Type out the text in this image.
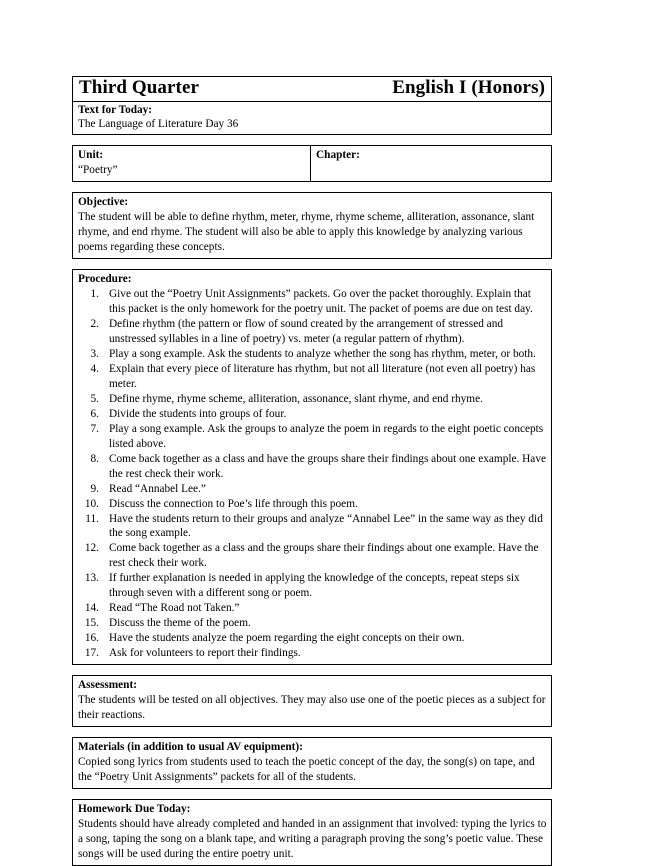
Third Quarter	English I (Honors)
Text for Today:
The Language of Literature Day 36
Unit:
“Poetry”
Chapter:
Objective:
The student will be able to define rhythm, meter, rhyme, rhyme scheme, alliteration, assonance, slant rhyme, and end rhyme. The student will also be able to apply this knowledge by analyzing various poems regarding these concepts.
Procedure:
Give out the “Poetry Unit Assignments” packets. Go over the packet thoroughly. Explain that this packet is the only homework for the poetry unit. The packet of poems are due on test day.
Define rhythm (the pattern or flow of sound created by the arrangement of stressed and unstressed syllables in a line of poetry) vs. meter (a regular pattern of rhythm).
Play a song example. Ask the students to analyze whether the song has rhythm, meter, or both.
Explain that every piece of literature has rhythm, but not all literature (not even all poetry) has meter.
Define rhyme, rhyme scheme, alliteration, assonance, slant rhyme, and end rhyme.
Divide the students into groups of four.
Play a song example. Ask the groups to analyze the poem in regards to the eight poetic concepts listed above.
Come back together as a class and have the groups share their findings about one example. Have the rest check their work.
Read “Annabel Lee.”
Discuss the connection to Poe’s life through this poem.
Have the students return to their groups and analyze “Annabel Lee” in the same way as they did the song example.
Come back together as a class and the groups share their findings about one example. Have the rest check their work.
If further explanation is needed in applying the knowledge of the concepts, repeat steps six through seven with a different song or poem.
Read “The Road not Taken.”
Discuss the theme of the poem.
Have the students analyze the poem regarding the eight concepts on their own.
Ask for volunteers to report their findings.
Assessment:
The students will be tested on all objectives. They may also use one of the poetic pieces as a subject for their reactions.
Materials (in addition to usual AV equipment):
Copied song lyrics from students used to teach the poetic concept of the day, the song(s) on tape, and the “Poetry Unit Assignments” packets for all of the students.
Homework Due Today:
Students should have already completed and handed in an assignment that involved: typing the lyrics to a song, taping the song on a blank tape, and writing a paragraph proving the song’s poetic value. These songs will be used during the entire poetry unit.
